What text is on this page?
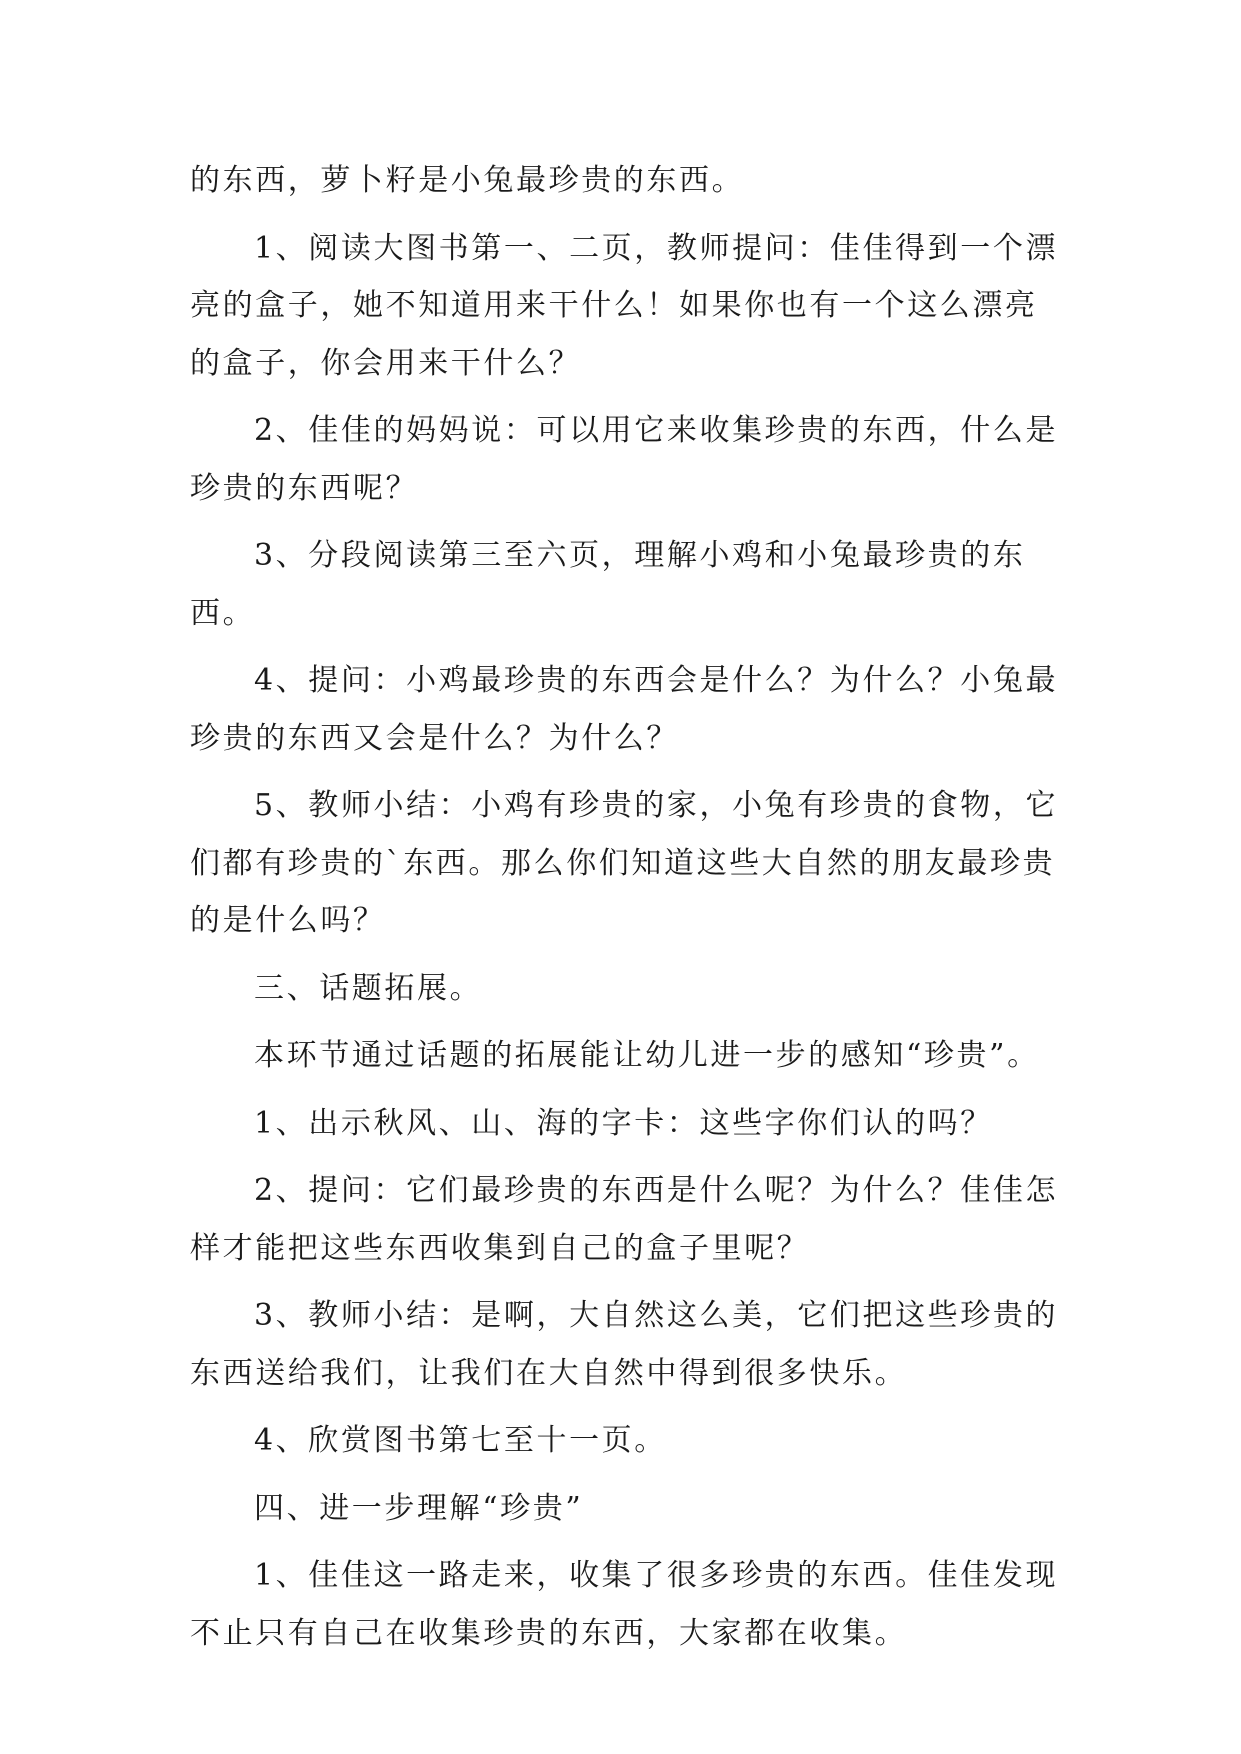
的东西，萝卜籽是小兔最珍贵的东西。

1、阅读大图书第一、二页，教师提问：佳佳得到一个漂亮的盒子，她不知道用来干什么！如果你也有一个这么漂亮的盒子，你会用来干什么？

2、佳佳的妈妈说：可以用它来收集珍贵的东西，什么是珍贵的东西呢？

3、分段阅读第三至六页，理解小鸡和小兔最珍贵的东西。

4、提问：小鸡最珍贵的东西会是什么？为什么？小兔最珍贵的东西又会是什么？为什么？

5、教师小结：小鸡有珍贵的家，小兔有珍贵的食物，它们都有珍贵的`东西。那么你们知道这些大自然的朋友最珍贵的是什么吗？

三、话题拓展。

本环节通过话题的拓展能让幼儿进一步的感知“珍贵”。

1、出示秋风、山、海的字卡：这些字你们认的吗？

2、提问：它们最珍贵的东西是什么呢？为什么？佳佳怎样才能把这些东西收集到自己的盒子里呢？

3、教师小结：是啊，大自然这么美，它们把这些珍贵的东西送给我们，让我们在大自然中得到很多快乐。

4、欣赏图书第七至十一页。

四、进一步理解“珍贵”

1、佳佳这一路走来，收集了很多珍贵的东西。佳佳发现不止只有自己在收集珍贵的东西，大家都在收集。
